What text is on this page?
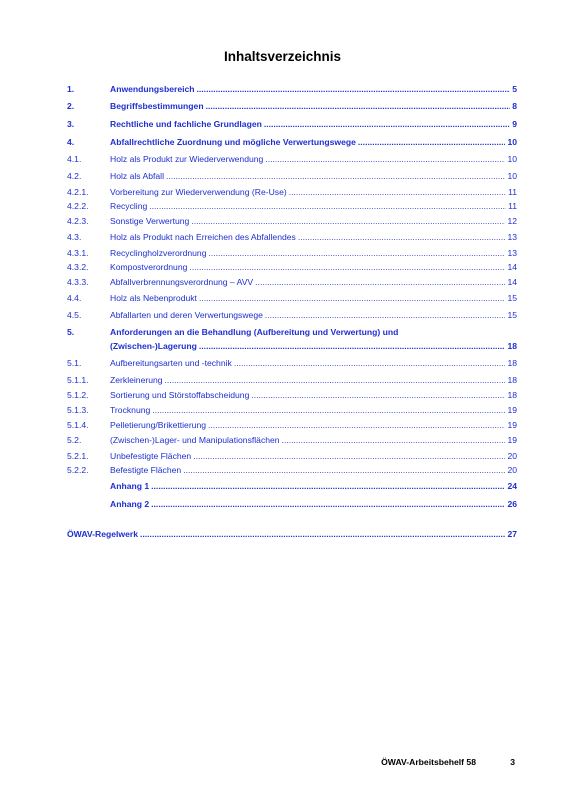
Inhaltsverzeichnis
1.	Anwendungsbereich .....	5
2.	Begriffsbestimmungen .....	8
3.	Rechtliche und fachliche Grundlagen .....	9
4.	Abfallrechtliche Zuordnung und mögliche Verwertungswege .....	10
4.1.	Holz als Produkt zur Wiederverwendung .....	10
4.2.	Holz als Abfall .....	10
4.2.1.	Vorbereitung zur Wiederverwendung (Re-Use) .....	11
4.2.2.	Recycling .....	11
4.2.3.	Sonstige Verwertung .....	12
4.3.	Holz als Produkt nach Erreichen des Abfallendes .....	13
4.3.1.	Recyclingholzverordnung .....	13
4.3.2.	Kompostverordnung .....	14
4.3.3.	Abfallverbrennungsverordnung – AVV .....	14
4.4.	Holz als Nebenprodukt .....	15
4.5.	Abfallarten und deren Verwertungswege .....	15
5.	Anforderungen an die Behandlung (Aufbereitung und Verwertung) und
(Zwischen-)Lagerung .....	18
5.1.	Aufbereitungsarten und -technik .....	18
5.1.1.	Zerkleinerung .....	18
5.1.2.	Sortierung und Störstoffabscheidung .....	18
5.1.3.	Trocknung .....	19
5.1.4.	Pelletierung/Brikettierung .....	19
5.2.	(Zwischen-)Lager- und Manipulationsflächen .....	19
5.2.1.	Unbefestigte Flächen .....	20
5.2.2.	Befestigte Flächen .....	20
Anhang 1 .....	24
Anhang 2 .....	26
ÖWAV-Regelwerk .....	27
ÖWAV-Arbeitsbehelf 58	3
